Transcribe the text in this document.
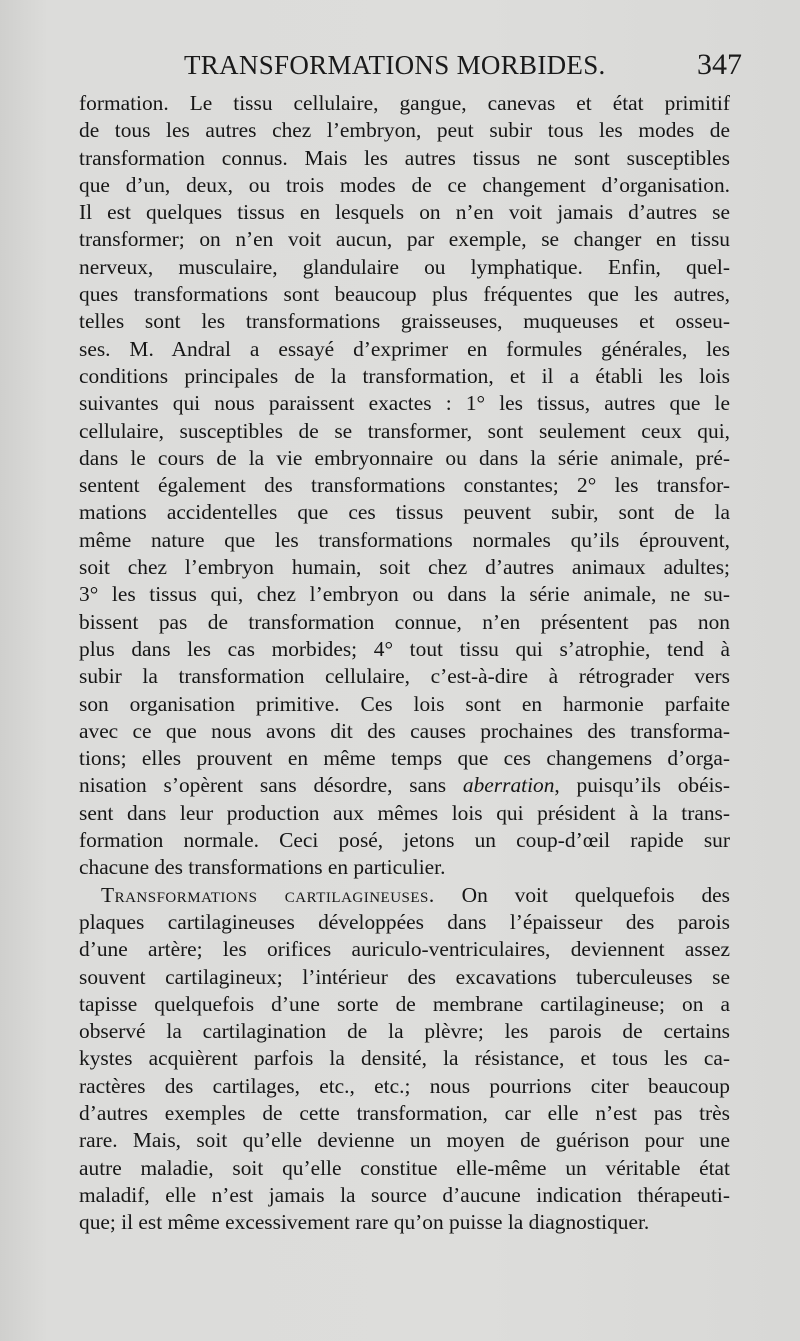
TRANSFORMATIONS MORBIDES.	347
formation. Le tissu cellulaire, gangue, canevas et état primitif
de tous les autres chez l’embryon, peut subir tous les modes de
transformation connus. Mais les autres tissus ne sont susceptibles
que d’un, deux, ou trois modes de ce changement d’organisation.
Il est quelques tissus en lesquels on n’en voit jamais d’autres se
transformer; on n’en voit aucun, par exemple, se changer en tissu
nerveux, musculaire, glandulaire ou lymphatique. Enfin, quel-
ques transformations sont beaucoup plus fréquentes que les autres,
telles sont les transformations graisseuses, muqueuses et osseu-
ses. M. Andral a essayé d’exprimer en formules générales, les
conditions principales de la transformation, et il a établi les lois
suivantes qui nous paraissent exactes : 1° les tissus, autres que le
cellulaire, susceptibles de se transformer, sont seulement ceux qui,
dans le cours de la vie embryonnaire ou dans la série animale, pré-
sentent également des transformations constantes; 2° les transfor-
mations accidentelles que ces tissus peuvent subir, sont de la
même nature que les transformations normales qu’ils éprouvent,
soit chez l’embryon humain, soit chez d’autres animaux adultes;
3° les tissus qui, chez l’embryon ou dans la série animale, ne su-
bissent pas de transformation connue, n’en présentent pas non
plus dans les cas morbides; 4° tout tissu qui s’atrophie, tend à
subir la transformation cellulaire, c’est-à-dire à rétrograder vers
son organisation primitive. Ces lois sont en harmonie parfaite
avec ce que nous avons dit des causes prochaines des transforma-
tions; elles prouvent en même temps que ces changemens d’orga-
nisation s’opèrent sans désordre, sans aberration, puisqu’ils obéis-
sent dans leur production aux mêmes lois qui président à la trans-
formation normale. Ceci posé, jetons un coup-d’œil rapide sur
chacune des transformations en particulier.
Transformations cartilagineuses. On voit quelquefois des
plaques cartilagineuses développées dans l’épaisseur des parois
d’une artère; les orifices auriculo-ventriculaires, deviennent assez
souvent cartilagineux; l’intérieur des excavations tuberculeuses se
tapisse quelquefois d’une sorte de membrane cartilagineuse; on a
observé la cartilagination de la plèvre; les parois de certains
kystes acquièrent parfois la densité, la résistance, et tous les ca-
ractères des cartilages, etc., etc.; nous pourrions citer beaucoup
d’autres exemples de cette transformation, car elle n’est pas très
rare. Mais, soit qu’elle devienne un moyen de guérison pour une
autre maladie, soit qu’elle constitue elle-même un véritable état
maladif, elle n’est jamais la source d’aucune indication thérapeuti-
que; il est même excessivement rare qu’on puisse la diagnostiquer.
